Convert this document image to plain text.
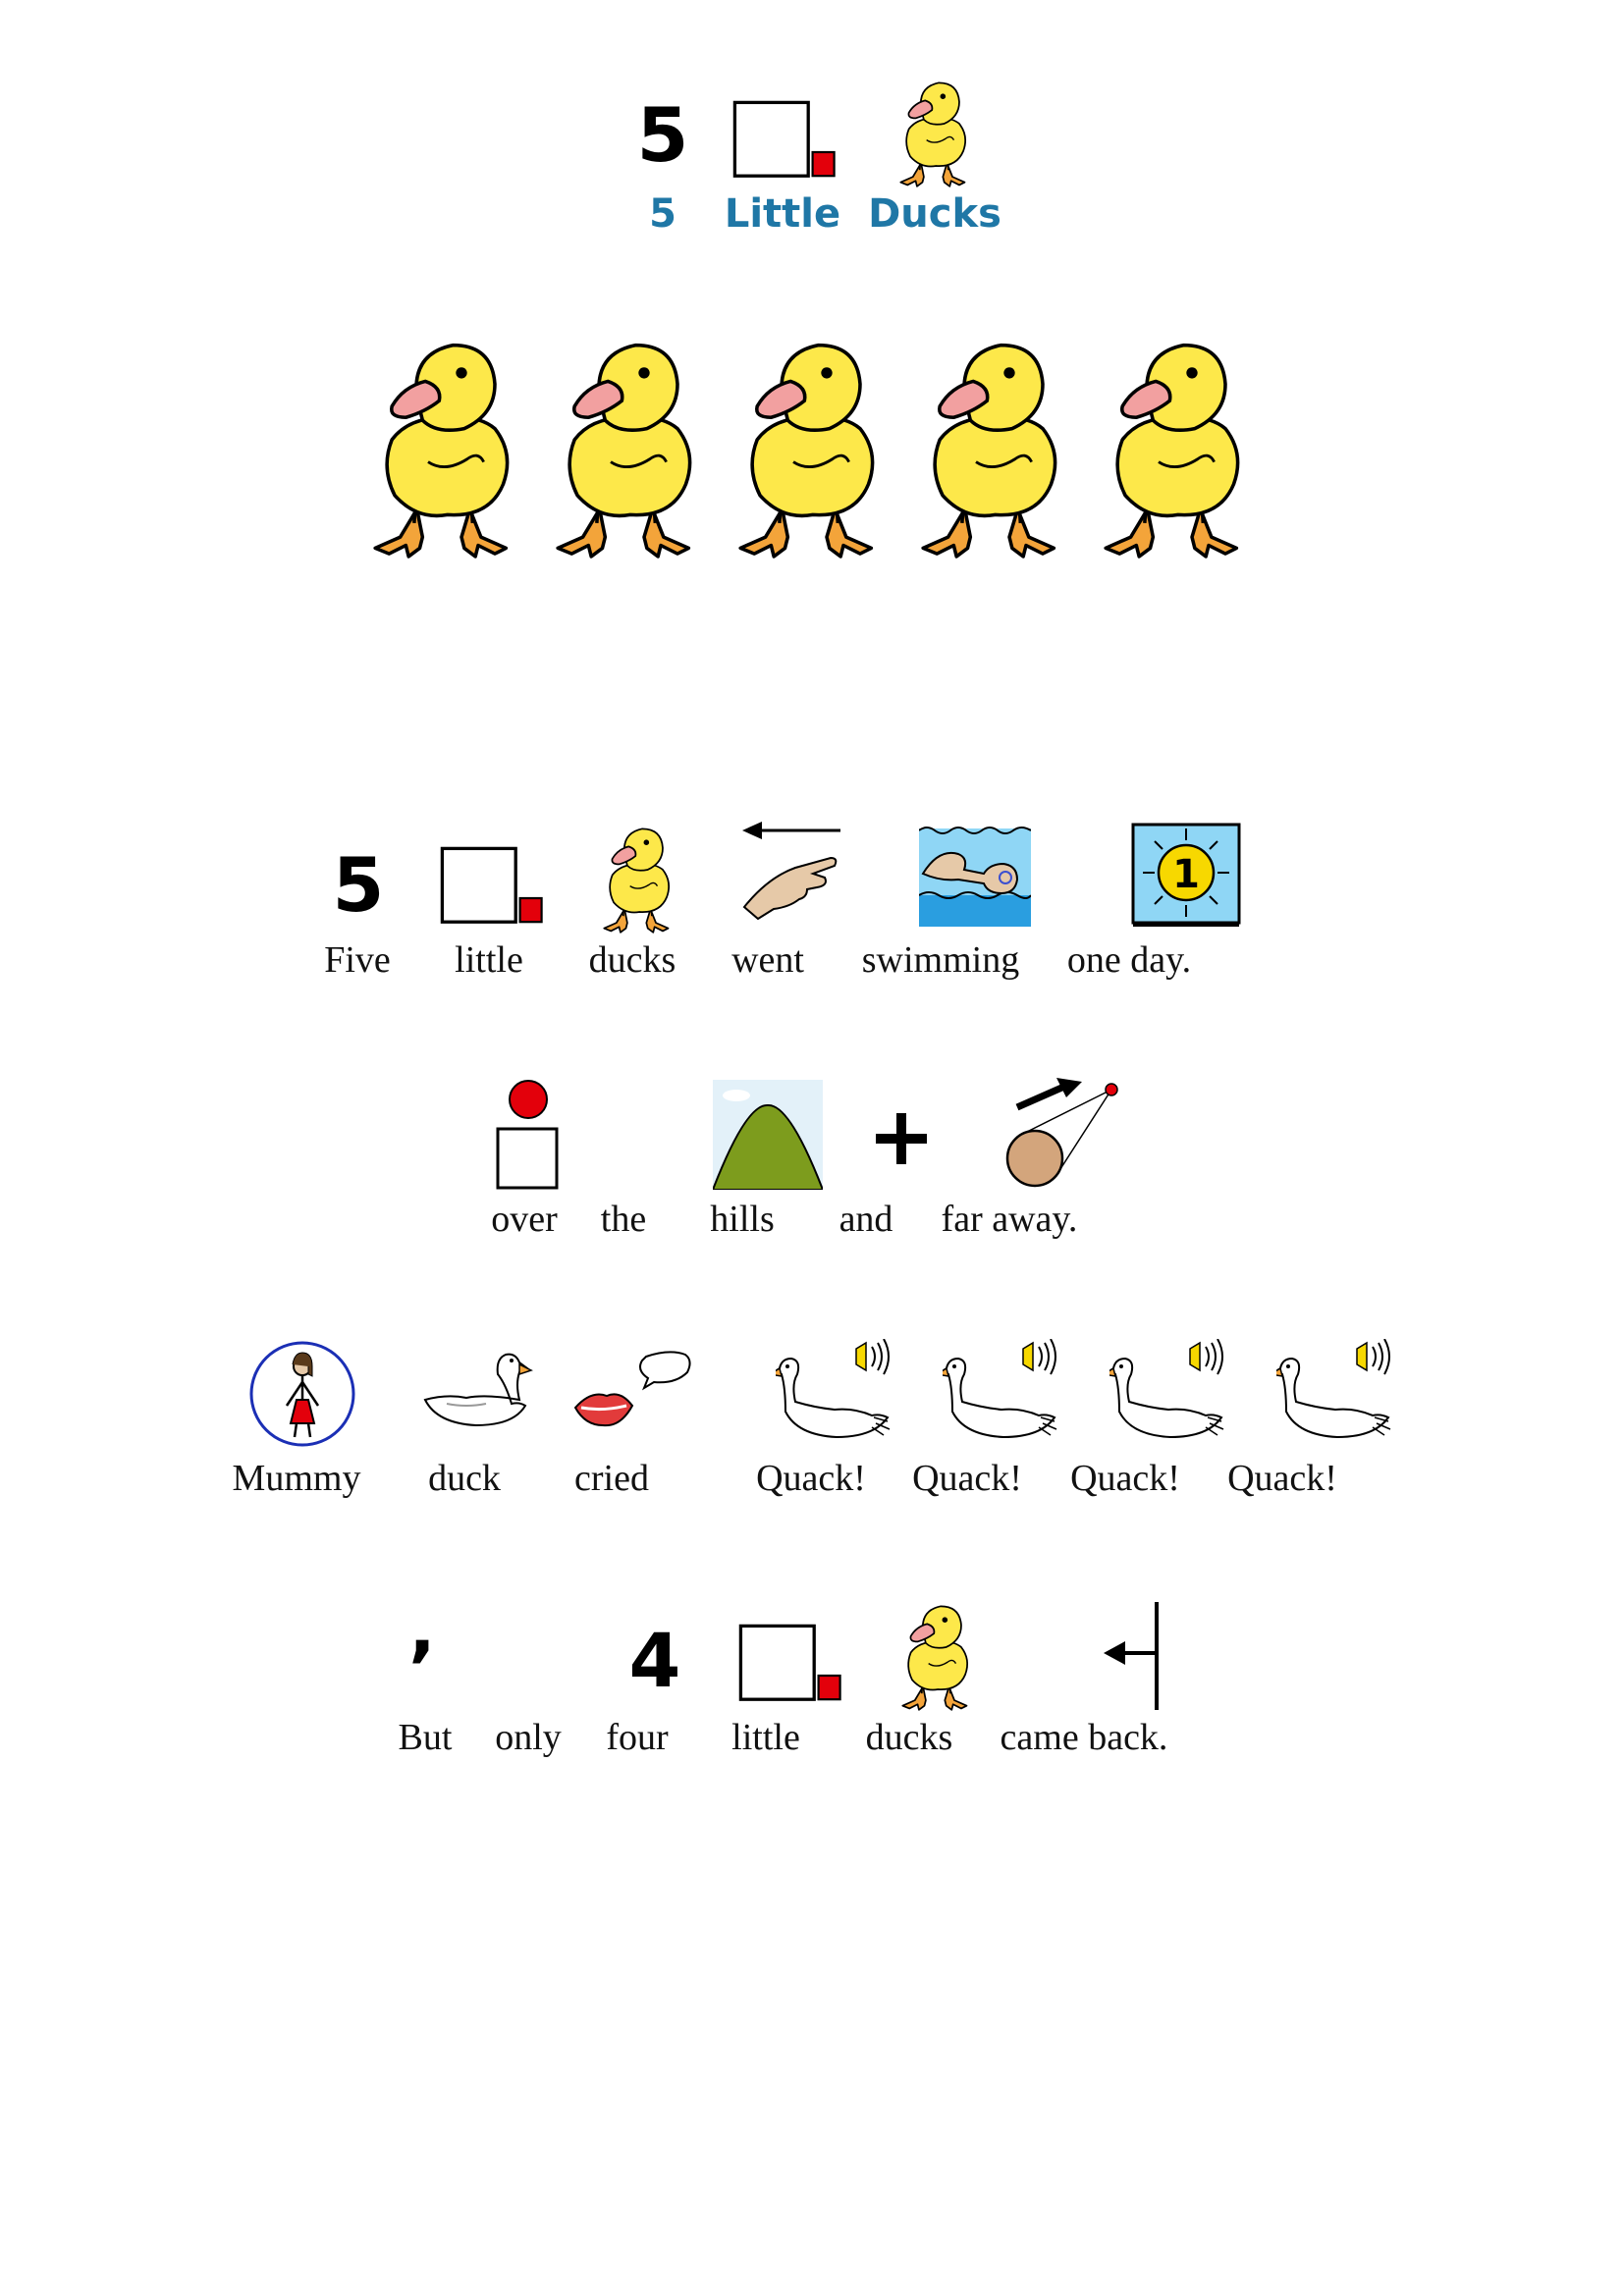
5
5	Little Ducks
5	1
Five	little	ducks	went	swimming	one day.
over	the	hills	and	far away.
Mummy	duck	cried	Quack!	Quack!	Quack!	Quack!
,	4
But	only	four	little	ducks	came back.
